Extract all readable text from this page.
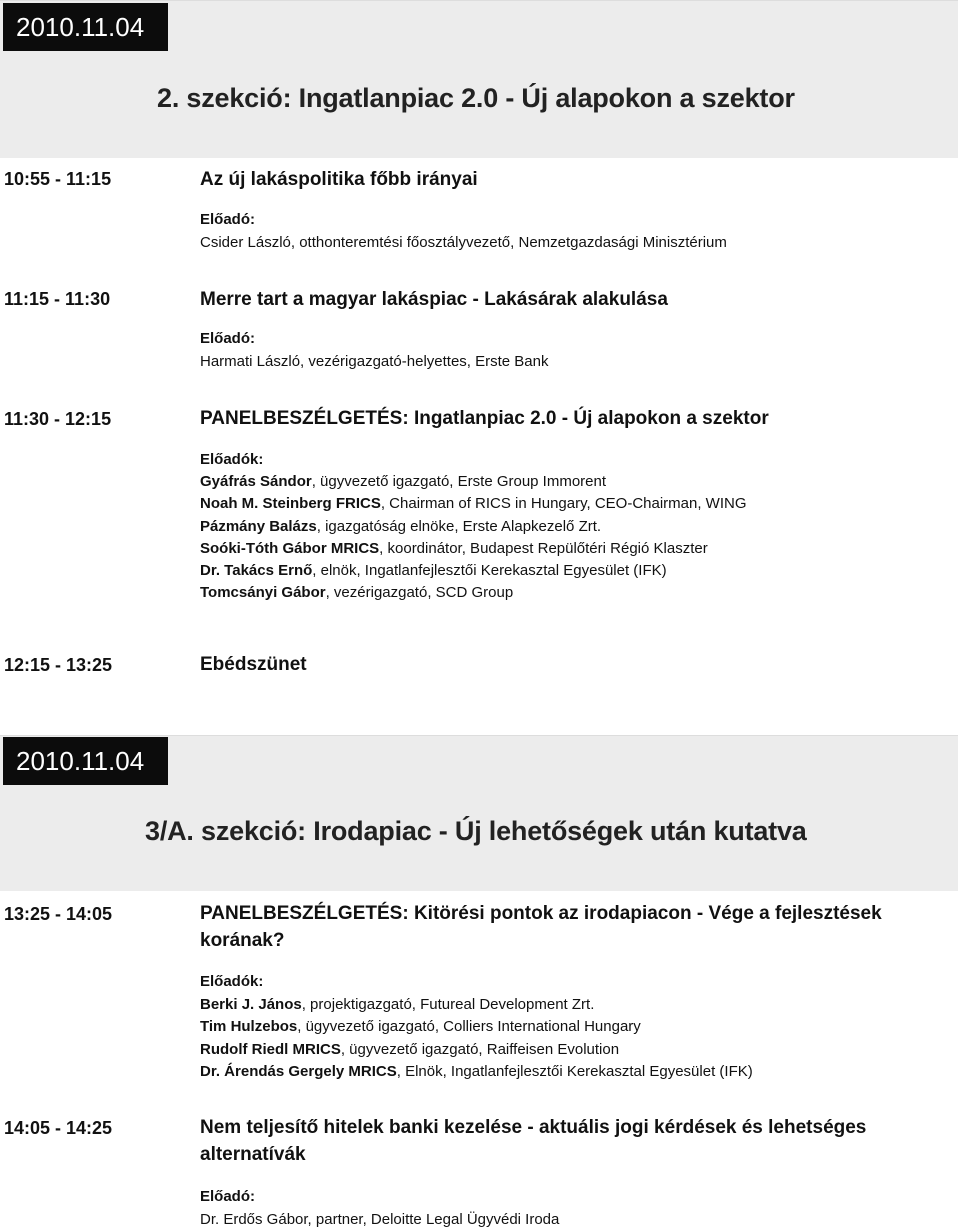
2010.11.04
2. szekció: Ingatlanpiac 2.0 - Új alapokon a szektor
10:55 - 11:15	Az új lakáspolitika főbb irányai
Előadó:
Csider László, otthonteremtési főosztályvezető, Nemzetgazdasági Minisztérium
11:15 - 11:30	Merre tart a magyar lakáspiac - Lakásárak alakulása
Előadó:
Harmati László, vezérigazgató-helyettes, Erste Bank
11:30 - 12:15	PANELBESZÉLGETÉS: Ingatlanpiac 2.0 - Új alapokon a szektor
Előadók:
Gyáfrás Sándor, ügyvezető igazgató, Erste Group Immorent
Noah M. Steinberg FRICS, Chairman of RICS in Hungary, CEO-Chairman, WING
Pázmány Balázs, igazgatóság elnöke, Erste Alapkezelő Zrt.
Soóki-Tóth Gábor MRICS, koordinátor, Budapest Repülőtéri Régió Klaszter
Dr. Takács Ernő, elnök, Ingatlanfejlesztői Kerekasztal Egyesület (IFK)
Tomcsányi Gábor, vezérigazgató, SCD Group
12:15 - 13:25	Ebédszünet
2010.11.04
3/A. szekció: Irodapiac - Új lehetőségek után kutatva
13:25 - 14:05	PANELBESZÉLGETÉS: Kitörési pontok az irodapiacon - Vége a fejlesztések korának?
Előadók:
Berki J. János, projektigazgató, Futureal Development Zrt.
Tim Hulzebos, ügyvezető igazgató, Colliers International Hungary
Rudolf Riedl MRICS, ügyvezető igazgató, Raiffeisen Evolution
Dr. Árendás Gergely MRICS, Elnök, Ingatlanfejlesztői Kerekasztal Egyesület (IFK)
14:05 - 14:25	Nem teljesítő hitelek banki kezelése - aktuális jogi kérdések és lehetséges alternatívák
Előadó:
Dr. Erdős Gábor, partner, Deloitte Legal Ügyvédi Iroda
